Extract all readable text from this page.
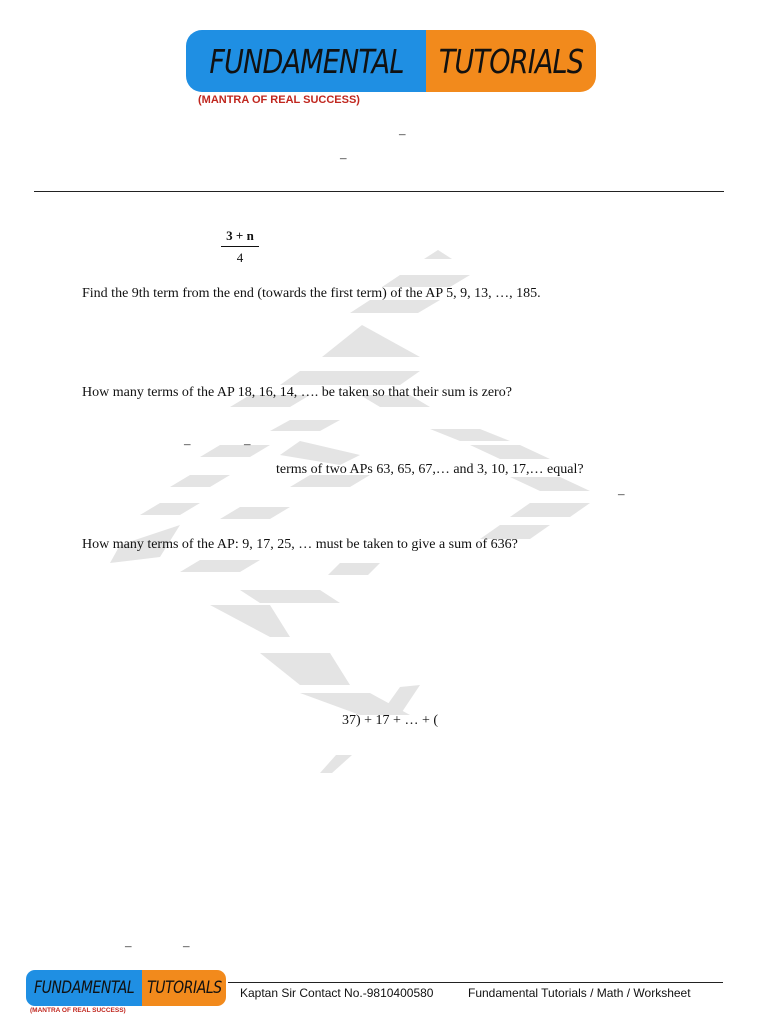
FUNDAMENTAL TUTORIALS
(MANTRA OF REAL SUCCESS)
–
–
$\frac{3 + n}{4}$
Find the 9th term from the end (towards the first term) of the AP 5, 9, 13, …, 185.
How many terms of the AP 18, 16, 14, …. be taken so that their sum is zero?
–	–
terms of two APs 63, 65, 67,… and 3, 10, 17,… equal?
–
How many terms of the AP: 9, 17, 25, … must be taken to give a sum of 636?
37) + 17 + … + (
–	–
FUNDAMENTAL TUTORIALS
(MANTRA OF REAL SUCCESS)
Kaptan Sir Contact No.-9810400580	Fundamental Tutorials / Math / Worksheet
